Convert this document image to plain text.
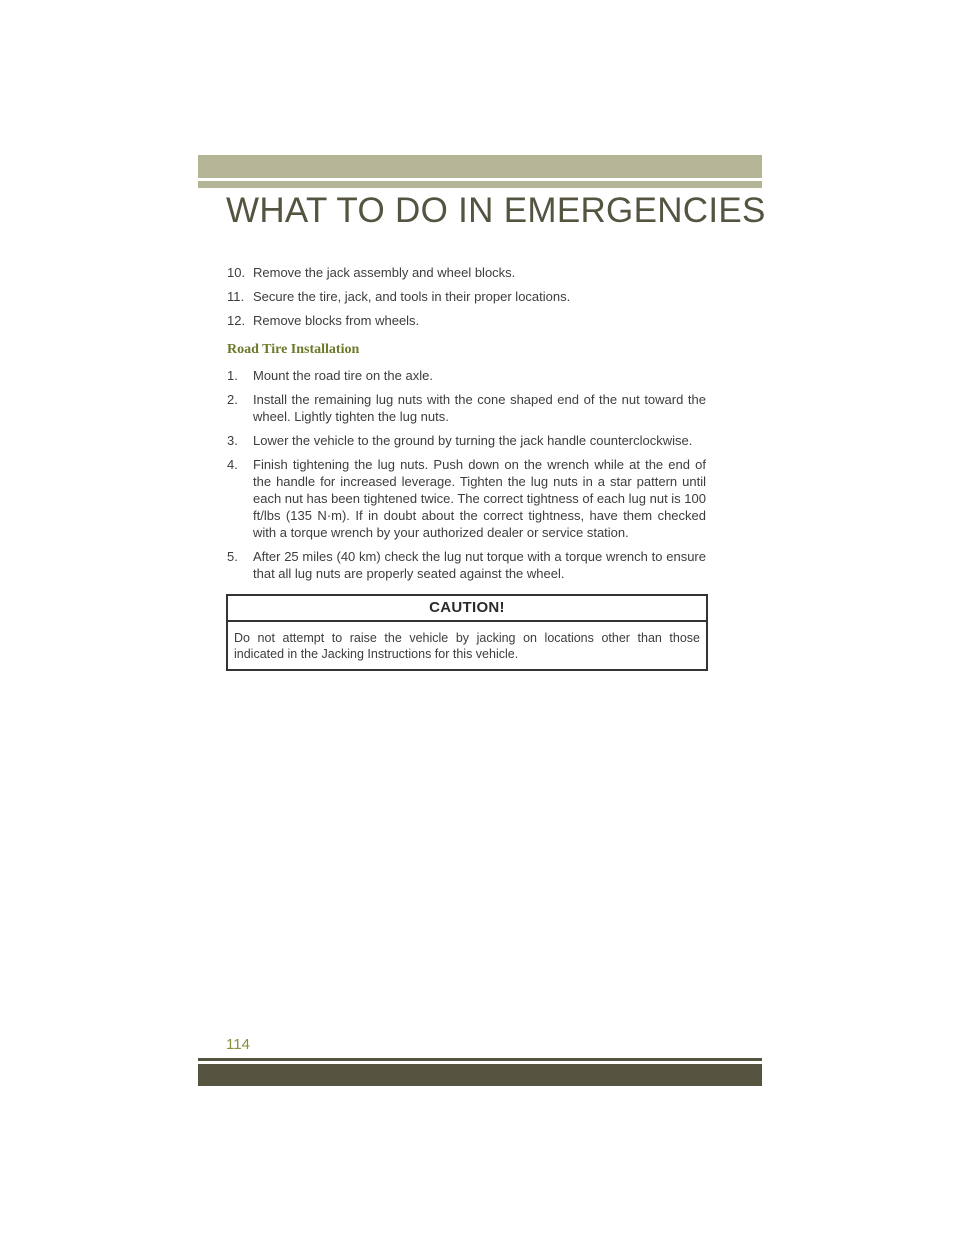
WHAT TO DO IN EMERGENCIES
10. Remove the jack assembly and wheel blocks.
11. Secure the tire, jack, and tools in their proper locations.
12. Remove blocks from wheels.
Road Tire Installation
1. Mount the road tire on the axle.
2. Install the remaining lug nuts with the cone shaped end of the nut toward the wheel. Lightly tighten the lug nuts.
3. Lower the vehicle to the ground by turning the jack handle counterclockwise.
4. Finish tightening the lug nuts. Push down on the wrench while at the end of the handle for increased leverage. Tighten the lug nuts in a star pattern until each nut has been tightened twice. The correct tightness of each lug nut is 100 ft/lbs (135 N·m). If in doubt about the correct tightness, have them checked with a torque wrench by your authorized dealer or service station.
5. After 25 miles (40 km) check the lug nut torque with a torque wrench to ensure that all lug nuts are properly seated against the wheel.
CAUTION!
Do not attempt to raise the vehicle by jacking on locations other than those indicated in the Jacking Instructions for this vehicle.
114
